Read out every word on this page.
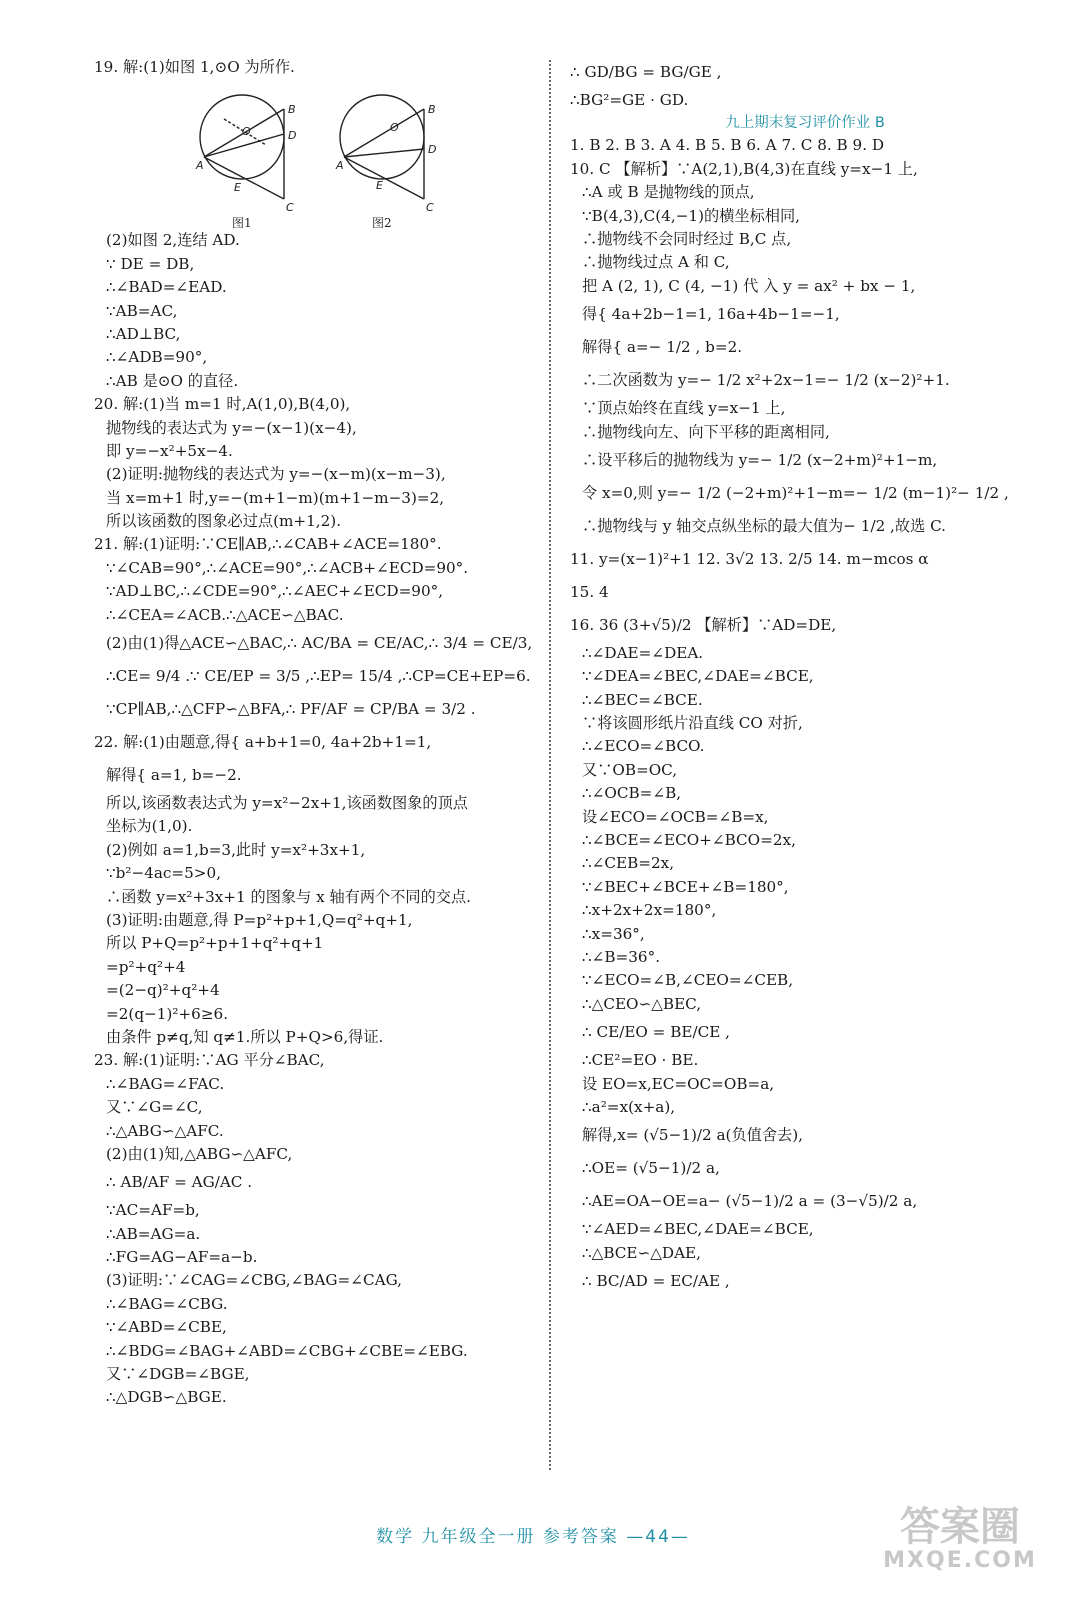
19. 解:(1)如图 1,⊙O 为所作.
A
B
D
C
E
O
A
B
D
C
E
O
图1	图2
(2)如图 2,连结 AD.
∵ DE = DB,
∴∠BAD=∠EAD.
∵AB=AC,
∴AD⊥BC,
∴∠ADB=90°,
∴AB 是⊙O 的直径.
20. 解:(1)当 m=1 时,A(1,0),B(4,0),
抛物线的表达式为 y=−(x−1)(x−4),
即 y=−x²+5x−4.
(2)证明:抛物线的表达式为 y=−(x−m)(x−m−3),
当 x=m+1 时,y=−(m+1−m)(m+1−m−3)=2,
所以该函数的图象必过点(m+1,2).
21. 解:(1)证明:∵CE∥AB,∴∠CAB+∠ACE=180°.
∵∠CAB=90°,∴∠ACE=90°,∴∠ACB+∠ECD=90°.
∵AD⊥BC,∴∠CDE=90°,∴∠AEC+∠ECD=90°,
∴∠CEA=∠ACB.∴△ACE∽△BAC.
(2)由(1)得△ACE∽△BAC,∴ AC/BA = CE/AC,∴ 3/4 = CE/3,
∴CE= 9/4 .∵ CE/EP = 3/5 ,∴EP= 15/4 ,∴CP=CE+EP=6.
∵CP∥AB,∴△CFP∽△BFA,∴ PF/AF = CP/BA = 3/2 .
22. 解:(1)由题意,得{ a+b+1=0, 4a+2b+1=1,
解得{ a=1, b=−2.
所以,该函数表达式为 y=x²−2x+1,该函数图象的顶点
坐标为(1,0).
(2)例如 a=1,b=3,此时 y=x²+3x+1,
∵b²−4ac=5>0,
∴函数 y=x²+3x+1 的图象与 x 轴有两个不同的交点.
(3)证明:由题意,得 P=p²+p+1,Q=q²+q+1,
所以 P+Q=p²+p+1+q²+q+1
=p²+q²+4
=(2−q)²+q²+4
=2(q−1)²+6≥6.
由条件 p≠q,知 q≠1.所以 P+Q>6,得证.
23. 解:(1)证明:∵AG 平分∠BAC,
∴∠BAG=∠FAC.
又∵∠G=∠C,
∴△ABG∽△AFC.
(2)由(1)知,△ABG∽△AFC,
∴ AB/AF = AG/AC .
∵AC=AF=b,
∴AB=AG=a.
∴FG=AG−AF=a−b.
(3)证明:∵∠CAG=∠CBG,∠BAG=∠CAG,
∴∠BAG=∠CBG.
∵∠ABD=∠CBE,
∴∠BDG=∠BAG+∠ABD=∠CBG+∠CBE=∠EBG.
又∵∠DGB=∠BGE,
∴△DGB∽△BGE.
∴ GD/BG = BG/GE ,
∴BG²=GE · GD.
九上期末复习评价作业 B
1. B 2. B 3. A 4. B 5. B 6. A 7. C 8. B 9. D
10. C 【解析】∵A(2,1),B(4,3)在直线 y=x−1 上,
∴A 或 B 是抛物线的顶点,
∵B(4,3),C(4,−1)的横坐标相同,
∴抛物线不会同时经过 B,C 点,
∴抛物线过点 A 和 C,
把 A (2, 1), C (4, −1) 代 入 y = ax² + bx − 1,
得{ 4a+2b−1=1, 16a+4b−1=−1,
解得{ a=− 1/2 , b=2.
∴二次函数为 y=− 1/2 x²+2x−1=− 1/2 (x−2)²+1.
∵顶点始终在直线 y=x−1 上,
∴抛物线向左、向下平移的距离相同,
∴设平移后的抛物线为 y=− 1/2 (x−2+m)²+1−m,
令 x=0,则 y=− 1/2 (−2+m)²+1−m=− 1/2 (m−1)²− 1/2 ,
∴抛物线与 y 轴交点纵坐标的最大值为− 1/2 ,故选 C.
11. y=(x−1)²+1 12. 3√2 13. 2/5 14. m−mcos α
15. 4
16. 36 (3+√5)/2 【解析】∵AD=DE,
∴∠DAE=∠DEA.
∵∠DEA=∠BEC,∠DAE=∠BCE,
∴∠BEC=∠BCE.
∵将该圆形纸片沿直线 CO 对折,
∴∠ECO=∠BCO.
又∵OB=OC,
∴∠OCB=∠B,
设∠ECO=∠OCB=∠B=x,
∴∠BCE=∠ECO+∠BCO=2x,
∴∠CEB=2x,
∵∠BEC+∠BCE+∠B=180°,
∴x+2x+2x=180°,
∴x=36°,
∴∠B=36°.
∵∠ECO=∠B,∠CEO=∠CEB,
∴△CEO∽△BEC,
∴ CE/EO = BE/CE ,
∴CE²=EO · BE.
设 EO=x,EC=OC=OB=a,
∴a²=x(x+a),
解得,x= (√5−1)/2 a(负值舍去),
∴OE= (√5−1)/2 a,
∴AE=OA−OE=a− (√5−1)/2 a = (3−√5)/2 a,
∵∠AED=∠BEC,∠DAE=∠BCE,
∴△BCE∽△DAE,
∴ BC/AD = EC/AE ,
数学 九年级全一册 参考答案 —44—	答案圈
MXQE.COM
